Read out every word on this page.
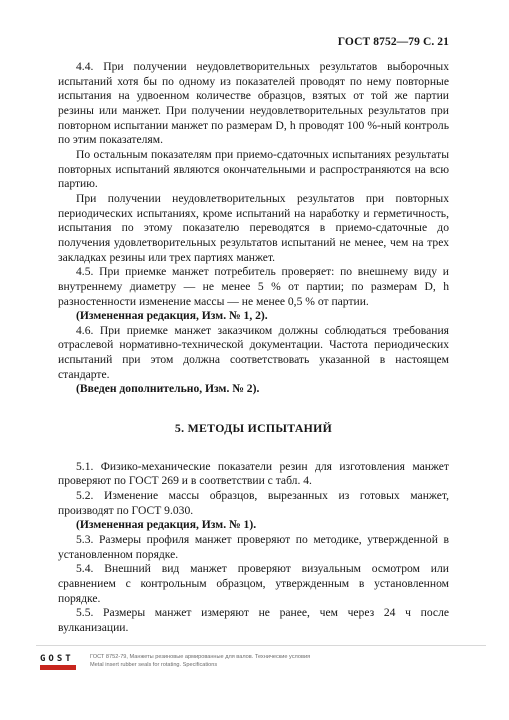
ГОСТ 8752—79 С. 21

4.4. При получении неудовлетворительных результатов выборочных испытаний хотя бы по одному из показателей проводят по нему повторные испытания на удвоенном количестве образцов, взятых от той же партии резины или манжет. При получении неудовлетворительных результатов при повторном испытании манжет по размерам D, h проводят 100 %-ный контроль по этим показателям.

По остальным показателям при приемо-сдаточных испытаниях результаты повторных испытаний являются окончательными и распространяются на всю партию.

При получении неудовлетворительных результатов при повторных периодических испытаниях, кроме испытаний на наработку и герметичность, испытания по этому показателю переводятся в приемо-сдаточные до получения удовлетворительных результатов испытаний не менее, чем на трех закладках резины или трех партиях манжет.

4.5. При приемке манжет потребитель проверяет: по внешнему виду и внутреннему диаметру — не менее 5 % от партии; по размерам D, h разностенности изменение массы — не менее 0,5 % от партии.

(Измененная редакция, Изм. № 1, 2).

4.6. При приемке манжет заказчиком должны соблюдаться требования отраслевой нормативно-технической документации. Частота периодических испытаний при этом должна соответствовать указанной в настоящем стандарте.

(Введен дополнительно, Изм. № 2).

5. МЕТОДЫ ИСПЫТАНИЙ

5.1. Физико-механические показатели резин для изготовления манжет проверяют по ГОСТ 269 и в соответствии с табл. 4.

5.2. Изменение массы образцов, вырезанных из готовых манжет, производят по ГОСТ 9.030.

(Измененная редакция, Изм. № 1).

5.3. Размеры профиля манжет проверяют по методике, утвержденной в установленном порядке.

5.4. Внешний вид манжет проверяют визуальным осмотром или сравнением с контрольным образцом, утвержденным в установленном порядке.

5.5. Размеры манжет измеряют не ранее, чем через 24 ч после вулканизации.

GOST	ГОСТ 8752-79, Манжеты резиновые армированные для валов. Технические условия
Metal insert rubber seals for rotating. Specifications
